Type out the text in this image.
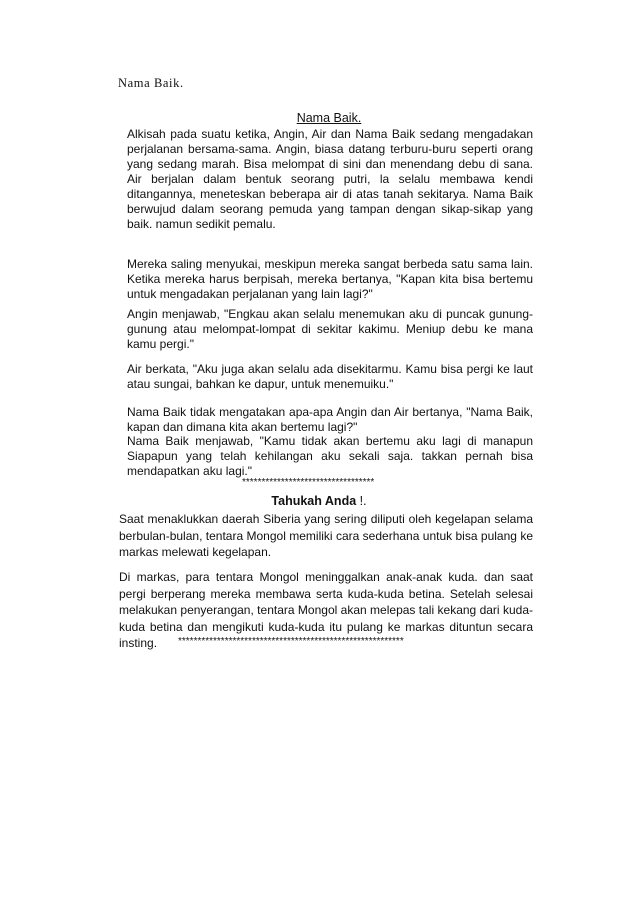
Nama Baik.
Nama Baik.

Alkisah pada suatu ketika, Angin, Air dan Nama Baik sedang mengadakan perjalanan bersama-sama. Angin, biasa datang terburu-buru seperti orang yang sedang marah. Bisa melompat di sini dan menendang debu di sana. Air berjalan dalam bentuk seorang putri, la selalu membawa kendi ditangannya, meneteskan beberapa air di atas tanah sekitarya. Nama Baik berwujud dalam seorang pemuda yang tampan dengan sikap-sikap yang baik. namun sedikit pemalu.

Mereka saling menyukai, meskipun mereka sangat berbeda satu sama lain. Ketika mereka harus berpisah, mereka bertanya, "Kapan kita bisa bertemu untuk mengadakan perjalanan yang lain lagi?"

Angin menjawab, "Engkau akan selalu menemukan aku di puncak gunung-gunung atau melompat-lompat di sekitar kakimu. Meniup debu ke mana kamu pergi."

Air berkata, "Aku juga akan selalu ada disekitarmu. Kamu bisa pergi ke laut atau sungai, bahkan ke dapur, untuk menemuiku."

Nama Baik tidak mengatakan apa-apa Angin dan Air bertanya, "Nama Baik, kapan dan dimana kita akan bertemu lagi?"

Nama Baik menjawab, "Kamu tidak akan bertemu aku lagi di manapun Siapapun yang telah kehilangan aku sekali saja. takkan pernah bisa mendapatkan aku lagi."

**********************************
Tahukah Anda !.

Saat menaklukkan daerah Siberia yang sering diliputi oleh kegelapan selama berbulan-bulan, tentara Mongol memiliki cara sederhana untuk bisa pulang ke markas melewati kegelapan.

Di markas, para tentara Mongol meninggalkan anak-anak kuda. dan saat pergi berperang mereka membawa serta kuda-kuda betina. Setelah selesai melakukan penyerangan, tentara Mongol akan melepas tali kekang dari kuda-kuda betina dan mengikuti kuda-kuda itu pulang ke markas dituntun secara insting.	**********************************************************
